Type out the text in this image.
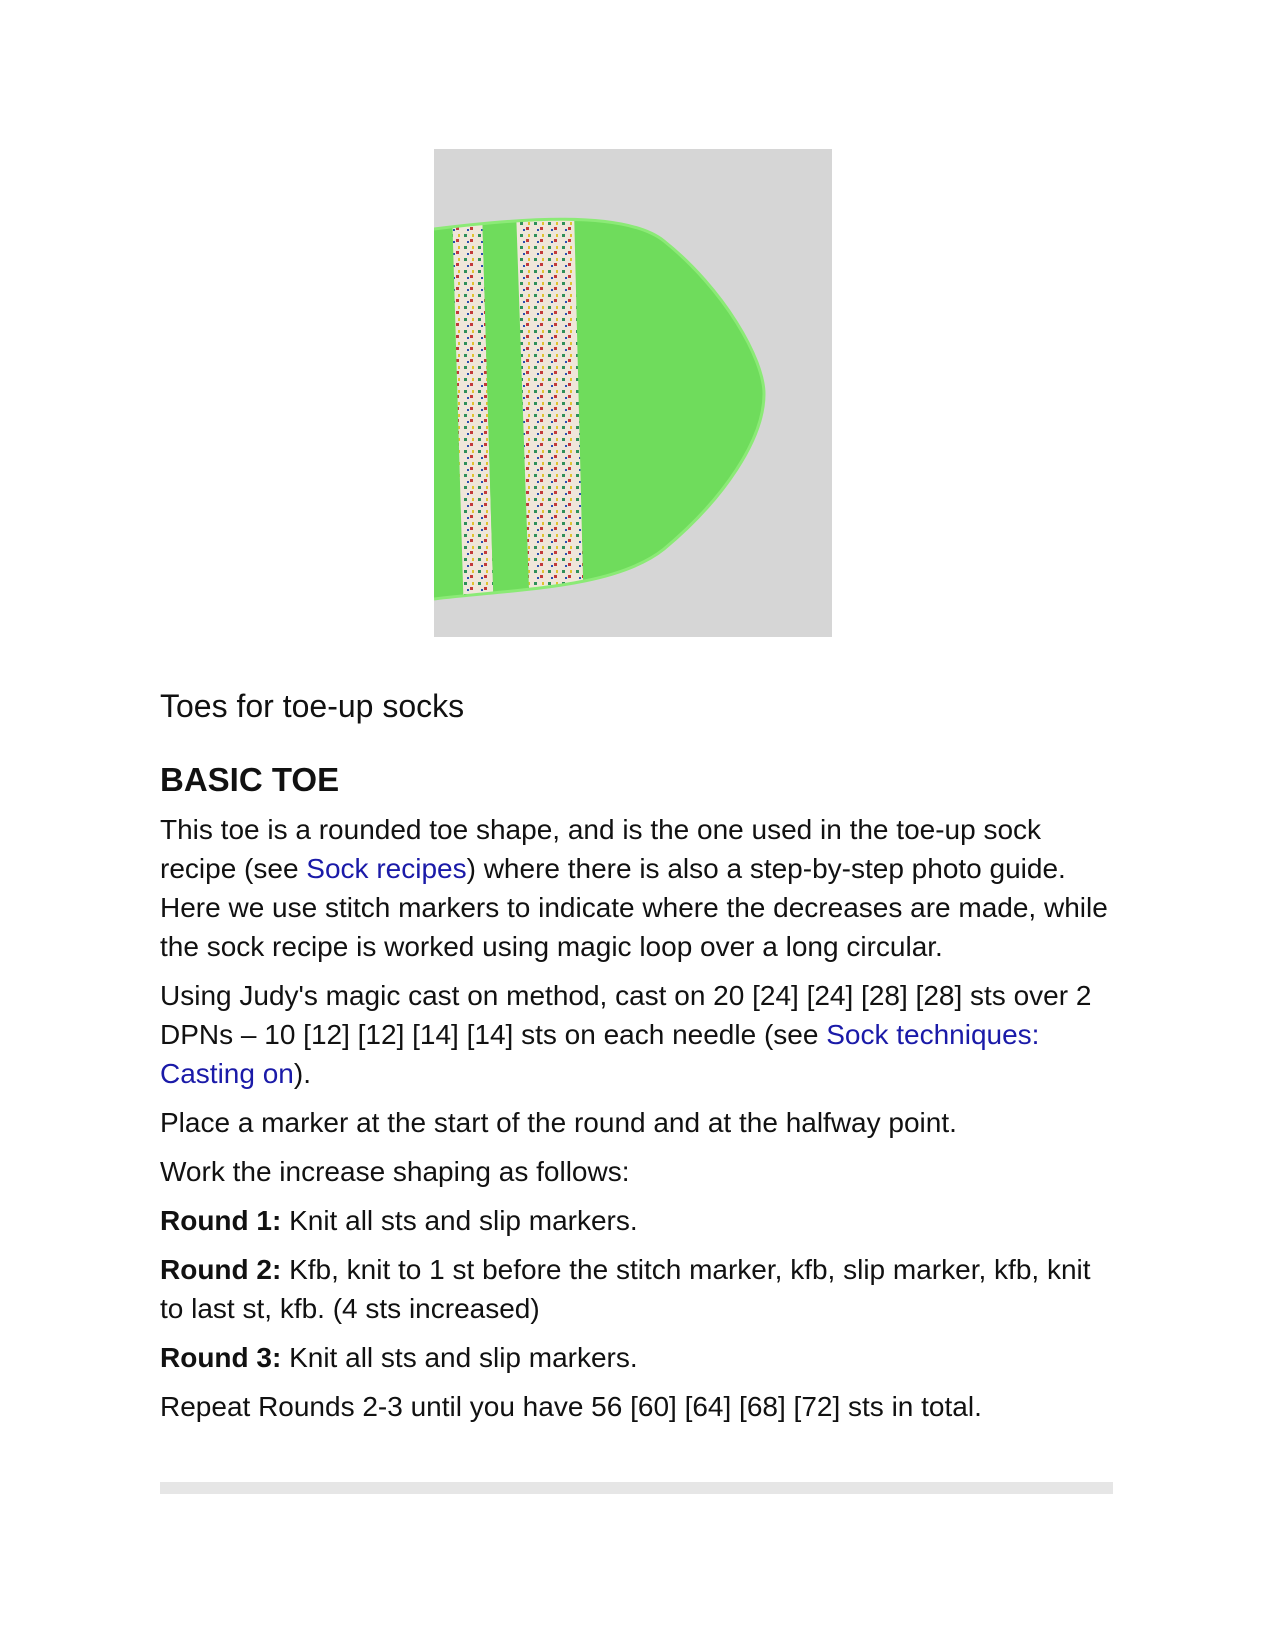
Toes for toe-up socks
BASIC TOE

This toe is a rounded toe shape, and is the one used in the toe-up sock recipe (see Sock recipes) where there is also a step-by-step photo guide. Here we use stitch markers to indicate where the decreases are made, while the sock recipe is worked using magic loop over a long circular.

Using Judy's magic cast on method, cast on 20 [24] [24] [28] [28] sts over 2 DPNs – 10 [12] [12] [14] [14] sts on each needle (see Sock techniques: Casting on).

Place a marker at the start of the round and at the halfway point.

Work the increase shaping as follows:

Round 1: Knit all sts and slip markers.

Round 2: Kfb, knit to 1 st before the stitch marker, kfb, slip marker, kfb, knit to last st, kfb. (4 sts increased)

Round 3: Knit all sts and slip markers.

Repeat Rounds 2-3 until you have 56 [60] [64] [68] [72] sts in total.
